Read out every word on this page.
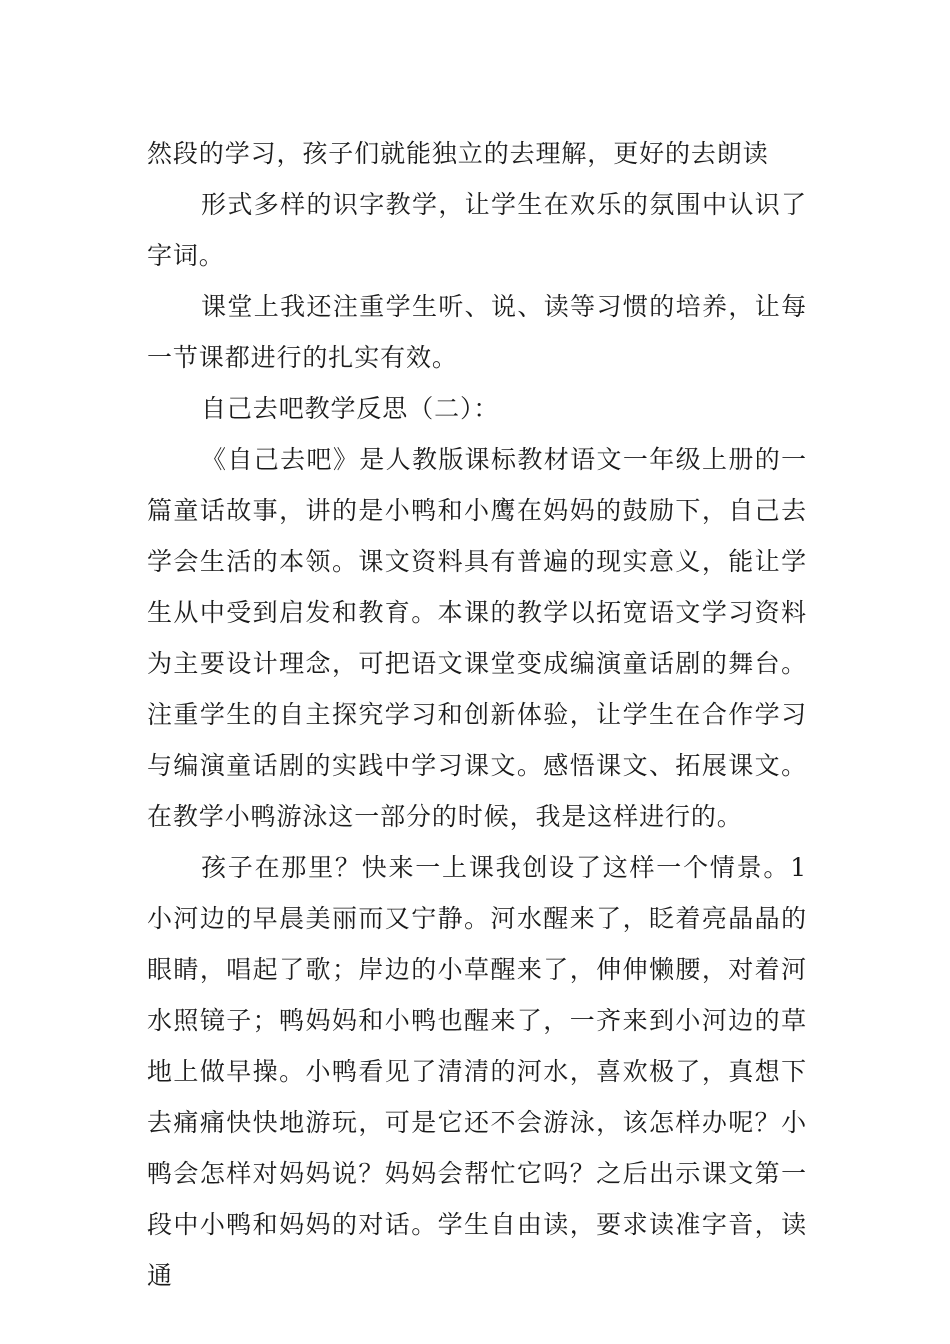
然段的学习，孩子们就能独立的去理解，更好的去朗读

形式多样的识字教学，让学生在欢乐的氛围中认识了字词。

课堂上我还注重学生听、说、读等习惯的培养，让每一节课都进行的扎实有效。

自己去吧教学反思（二）：

《自己去吧》是人教版课标教材语文一年级上册的一篇童话故事，讲的是小鸭和小鹰在妈妈的鼓励下，自己去学会生活的本领。课文资料具有普遍的现实意义，能让学生从中受到启发和教育。本课的教学以拓宽语文学习资料为主要设计理念，可把语文课堂变成编演童话剧的舞台。注重学生的自主探究学习和创新体验，让学生在合作学习与编演童话剧的实践中学习课文。感悟课文、拓展课文。在教学小鸭游泳这一部分的时候，我是这样进行的。

孩子在那里？快来一上课我创设了这样一个情景。1小河边的早晨美丽而又宁静。河水醒来了，眨着亮晶晶的眼睛，唱起了歌；岸边的小草醒来了，伸伸懒腰，对着河水照镜子；鸭妈妈和小鸭也醒来了，一齐来到小河边的草地上做早操。小鸭看见了清清的河水，喜欢极了，真想下去痛痛快快地游玩，可是它还不会游泳，该怎样办呢？小鸭会怎样对妈妈说？妈妈会帮忙它吗？之后出示课文第一段中小鸭和妈妈的对话。学生自由读，要求读准字音，读通
